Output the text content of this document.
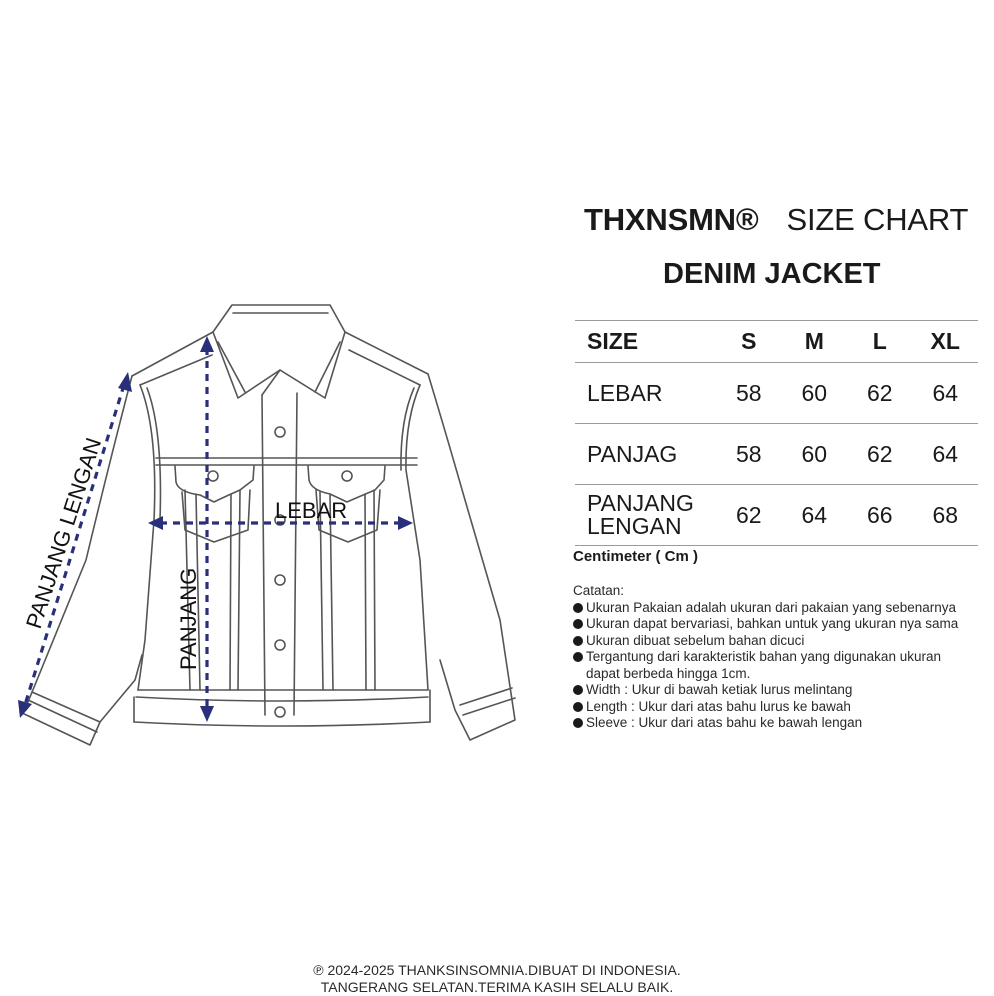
LEBAR
PANJANG
PANJANG LENGAN
THXNSMN® SIZE CHART
DENIM JACKET
SIZE	S	M	L	XL
LEBAR	58	60	62	64
PANJAG	58	60	62	64
PANJANG
LENGAN	62	64	66	68
Centimeter ( Cm )
Catatan:
Ukuran Pakaian adalah ukuran dari pakaian yang sebenarnya
Ukuran dapat bervariasi, bahkan untuk yang ukuran nya sama
Ukuran dibuat sebelum bahan dicuci
Tergantung dari karakteristik bahan yang digunakan ukuran
dapat berbeda hingga 1cm.
Width : Ukur di bawah ketiak lurus melintang
Length : Ukur dari atas bahu lurus ke bawah
Sleeve : Ukur dari atas bahu ke bawah lengan
℗ 2024-2025 THANKSINSOMNIA.DIBUAT DI INDONESIA.
TANGERANG SELATAN.TERIMA KASIH SELALU BAIK.
